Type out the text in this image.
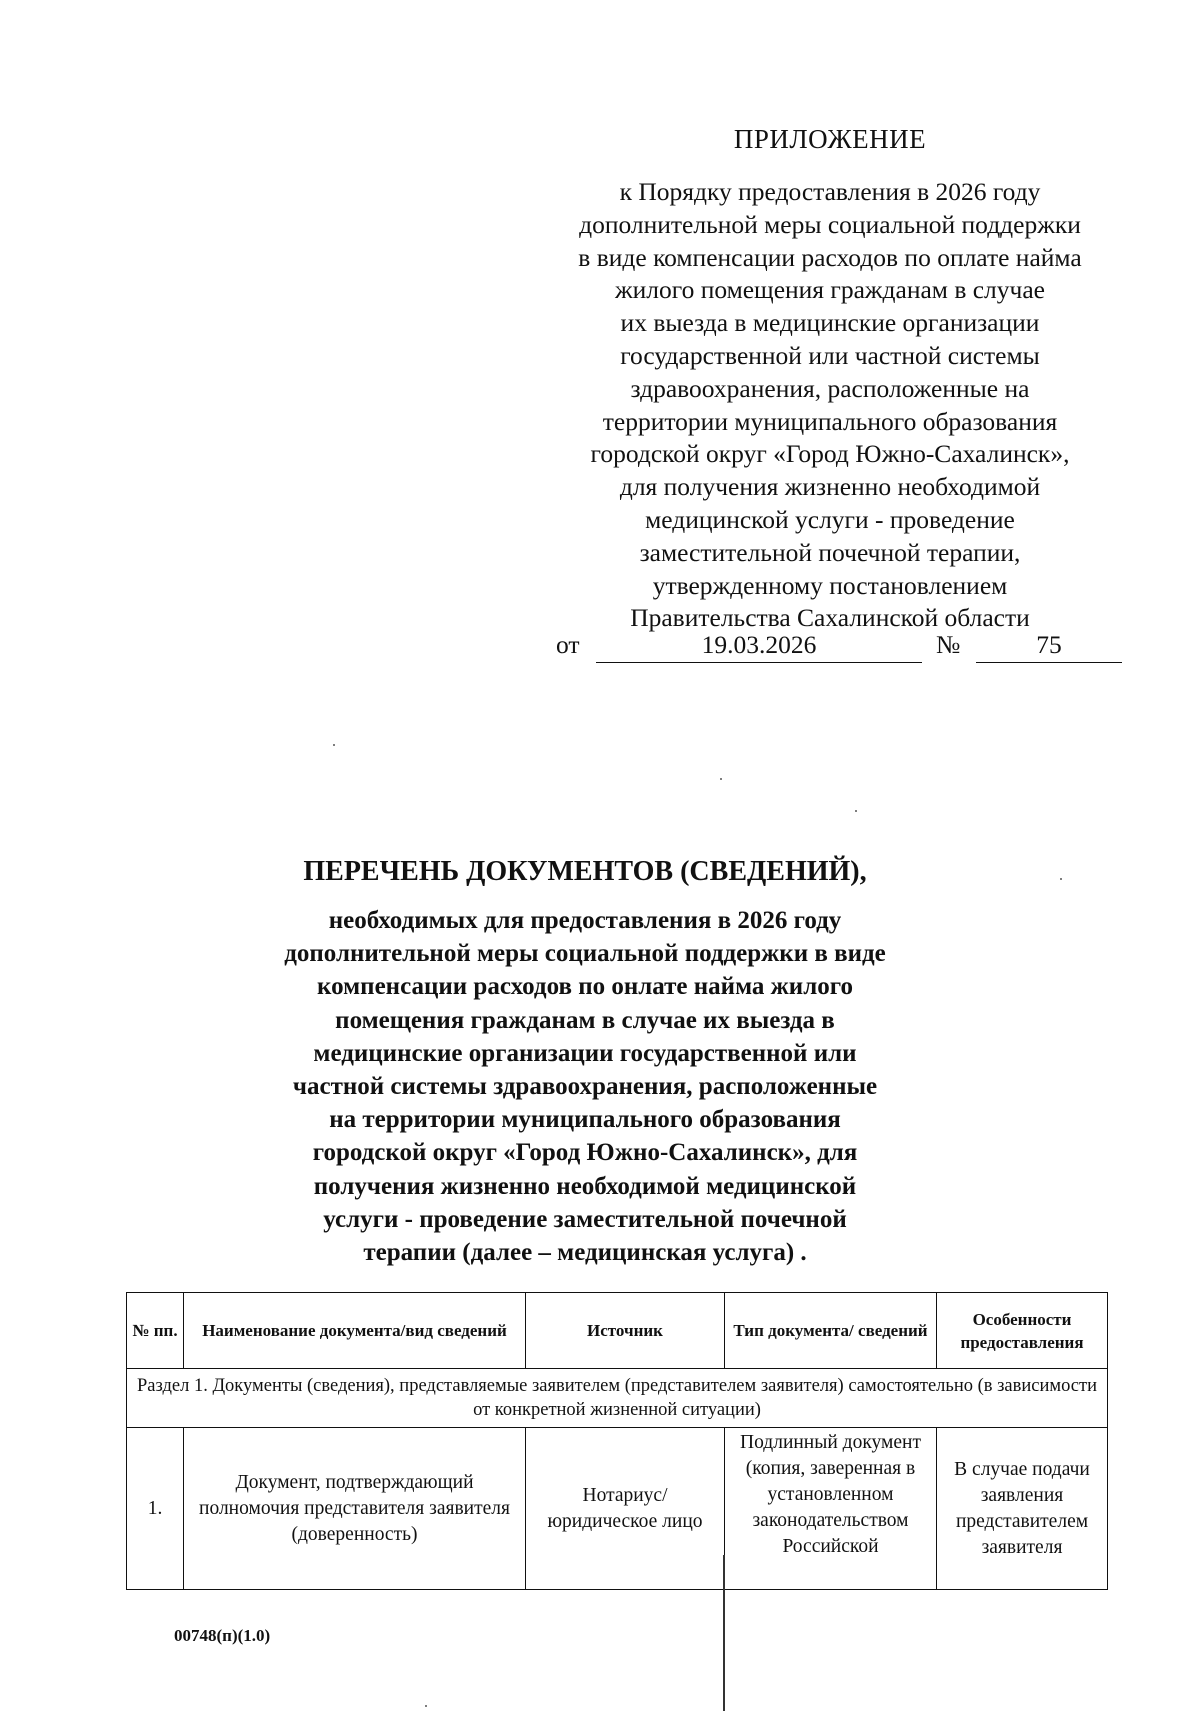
ПРИЛОЖЕНИЕ
к Порядку предоставления в 2026 году
дополнительной меры социальной поддержки
в виде компенсации расходов по оплате найма
жилого помещения гражданам в случае
их выезда в медицинские организации
государственной или частной системы
здравоохранения, расположенные на
территории муниципального образования
городской округ «Город Южно-Сахалинск»,
для получения жизненно необходимой
медицинской услуги - проведение
заместительной почечной терапии,
утвержденному постановлением
Правительства Сахалинской области
от	19.03.2026	№	75
ПЕРЕЧЕНЬ ДОКУМЕНТОВ (СВЕДЕНИЙ),
необходимых для предоставления в 2026 году
дополнительной меры социальной поддержки в виде
компенсации расходов по онлате найма жилого
помещения гражданам в случае их выезда в
медицинские организации государственной или
частной системы здравоохранения, расположенные
на территории муниципального образования
городской округ «Город Южно-Сахалинск», для
получения жизненно необходимой медицинской
услуги - проведение заместительной почечной
терапии (далее – медицинская услуга) .
№ пп.	Наименование документа/вид сведений	Источник	Тип документа/ сведений	Особенности предоставления
Раздел 1. Документы (сведения), представляемые заявителем (представителем заявителя) самостоятельно (в зависимости от конкретной жизненной ситуации)				
1.	Документ, подтверждающий полномочия представителя заявителя (доверенность)	Нотариус/ юридическое лицо	Подлинный документ (копия, заверенная в установленном законодательством Российской	В случае подачи заявления представителем заявителя
00748(п)(1.0)
